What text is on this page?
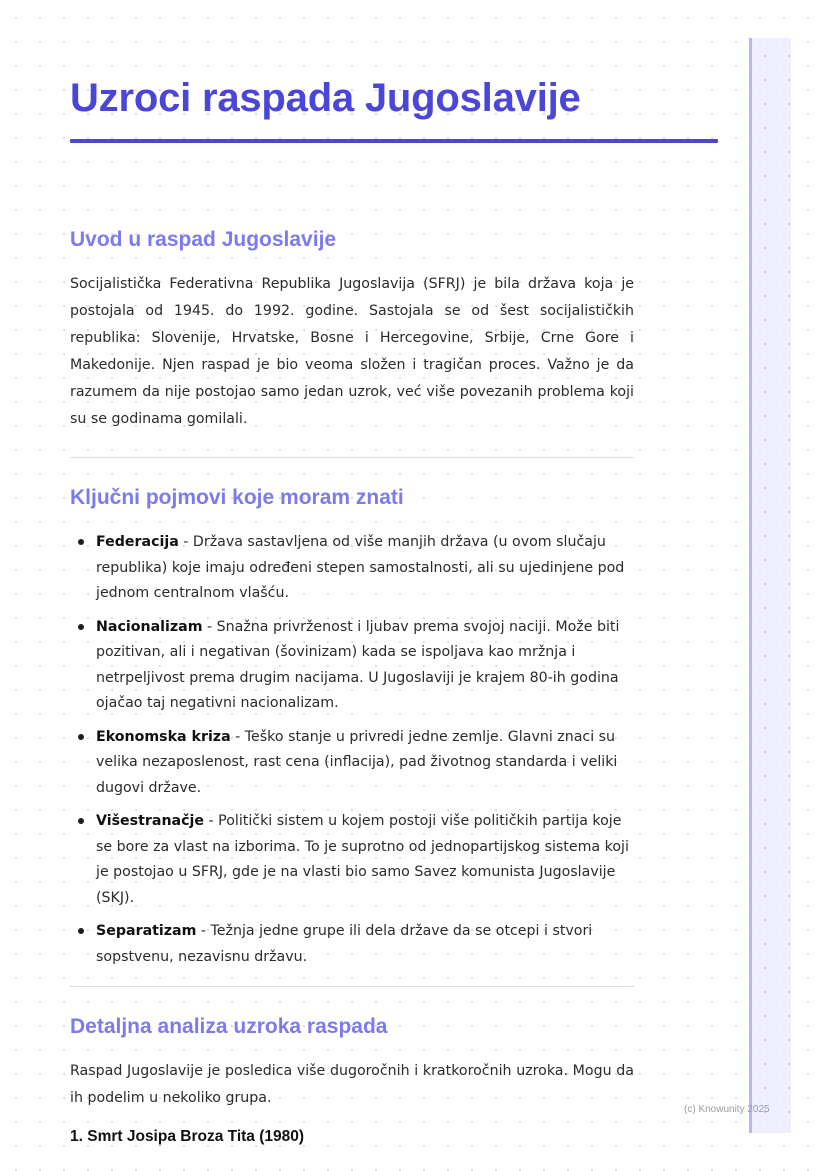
Uzroci raspada Jugoslavije
Uvod u raspad Jugoslavije

Socijalistička Federativna Republika Jugoslavija (SFRJ) je bila država koja je postojala od 1945. do 1992. godine. Sastojala se od šest socijalističkih republika: Slovenije, Hrvatske, Bosne i Hercegovine, Srbije, Crne Gore i Makedonije. Njen raspad je bio veoma složen i tragičan proces. Važno je da razumem da nije postojao samo jedan uzrok, već više povezanih problema koji su se godinama gomilali.

Ključni pojmovi koje moram znati
Federacija - Država sastavljena od više manjih država (u ovom slučaju republika) koje imaju određeni stepen samostalnosti, ali su ujedinjene pod jednom centralnom vlašću.
Nacionalizam - Snažna privrženost i ljubav prema svojoj naciji. Može biti pozitivan, ali i negativan (šovinizam) kada se ispoljava kao mržnja i netrpeljivost prema drugim nacijama. U Jugoslaviji je krajem 80-ih godina ojačao taj negativni nacionalizam.
Ekonomska kriza - Teško stanje u privredi jedne zemlje. Glavni znaci su velika nezaposlenost, rast cena (inflacija), pad životnog standarda i veliki dugovi države.
Višestranačje - Politički sistem u kojem postoji više političkih partija koje se bore za vlast na izborima. To je suprotno od jednopartijskog sistema koji je postojao u SFRJ, gde je na vlasti bio samo Savez komunista Jugoslavije (SKJ).
Separatizam - Težnja jedne grupe ili dela države da se otcepi i stvori sopstvenu, nezavisnu državu.
Detaljna analiza uzroka raspada

Raspad Jugoslavije je posledica više dugoročnih i kratkoročnih uzroka. Mogu da ih podelim u nekoliko grupa.

1. Smrt Josipa Broza Tita (1980)
(c) Knowunity 2025
